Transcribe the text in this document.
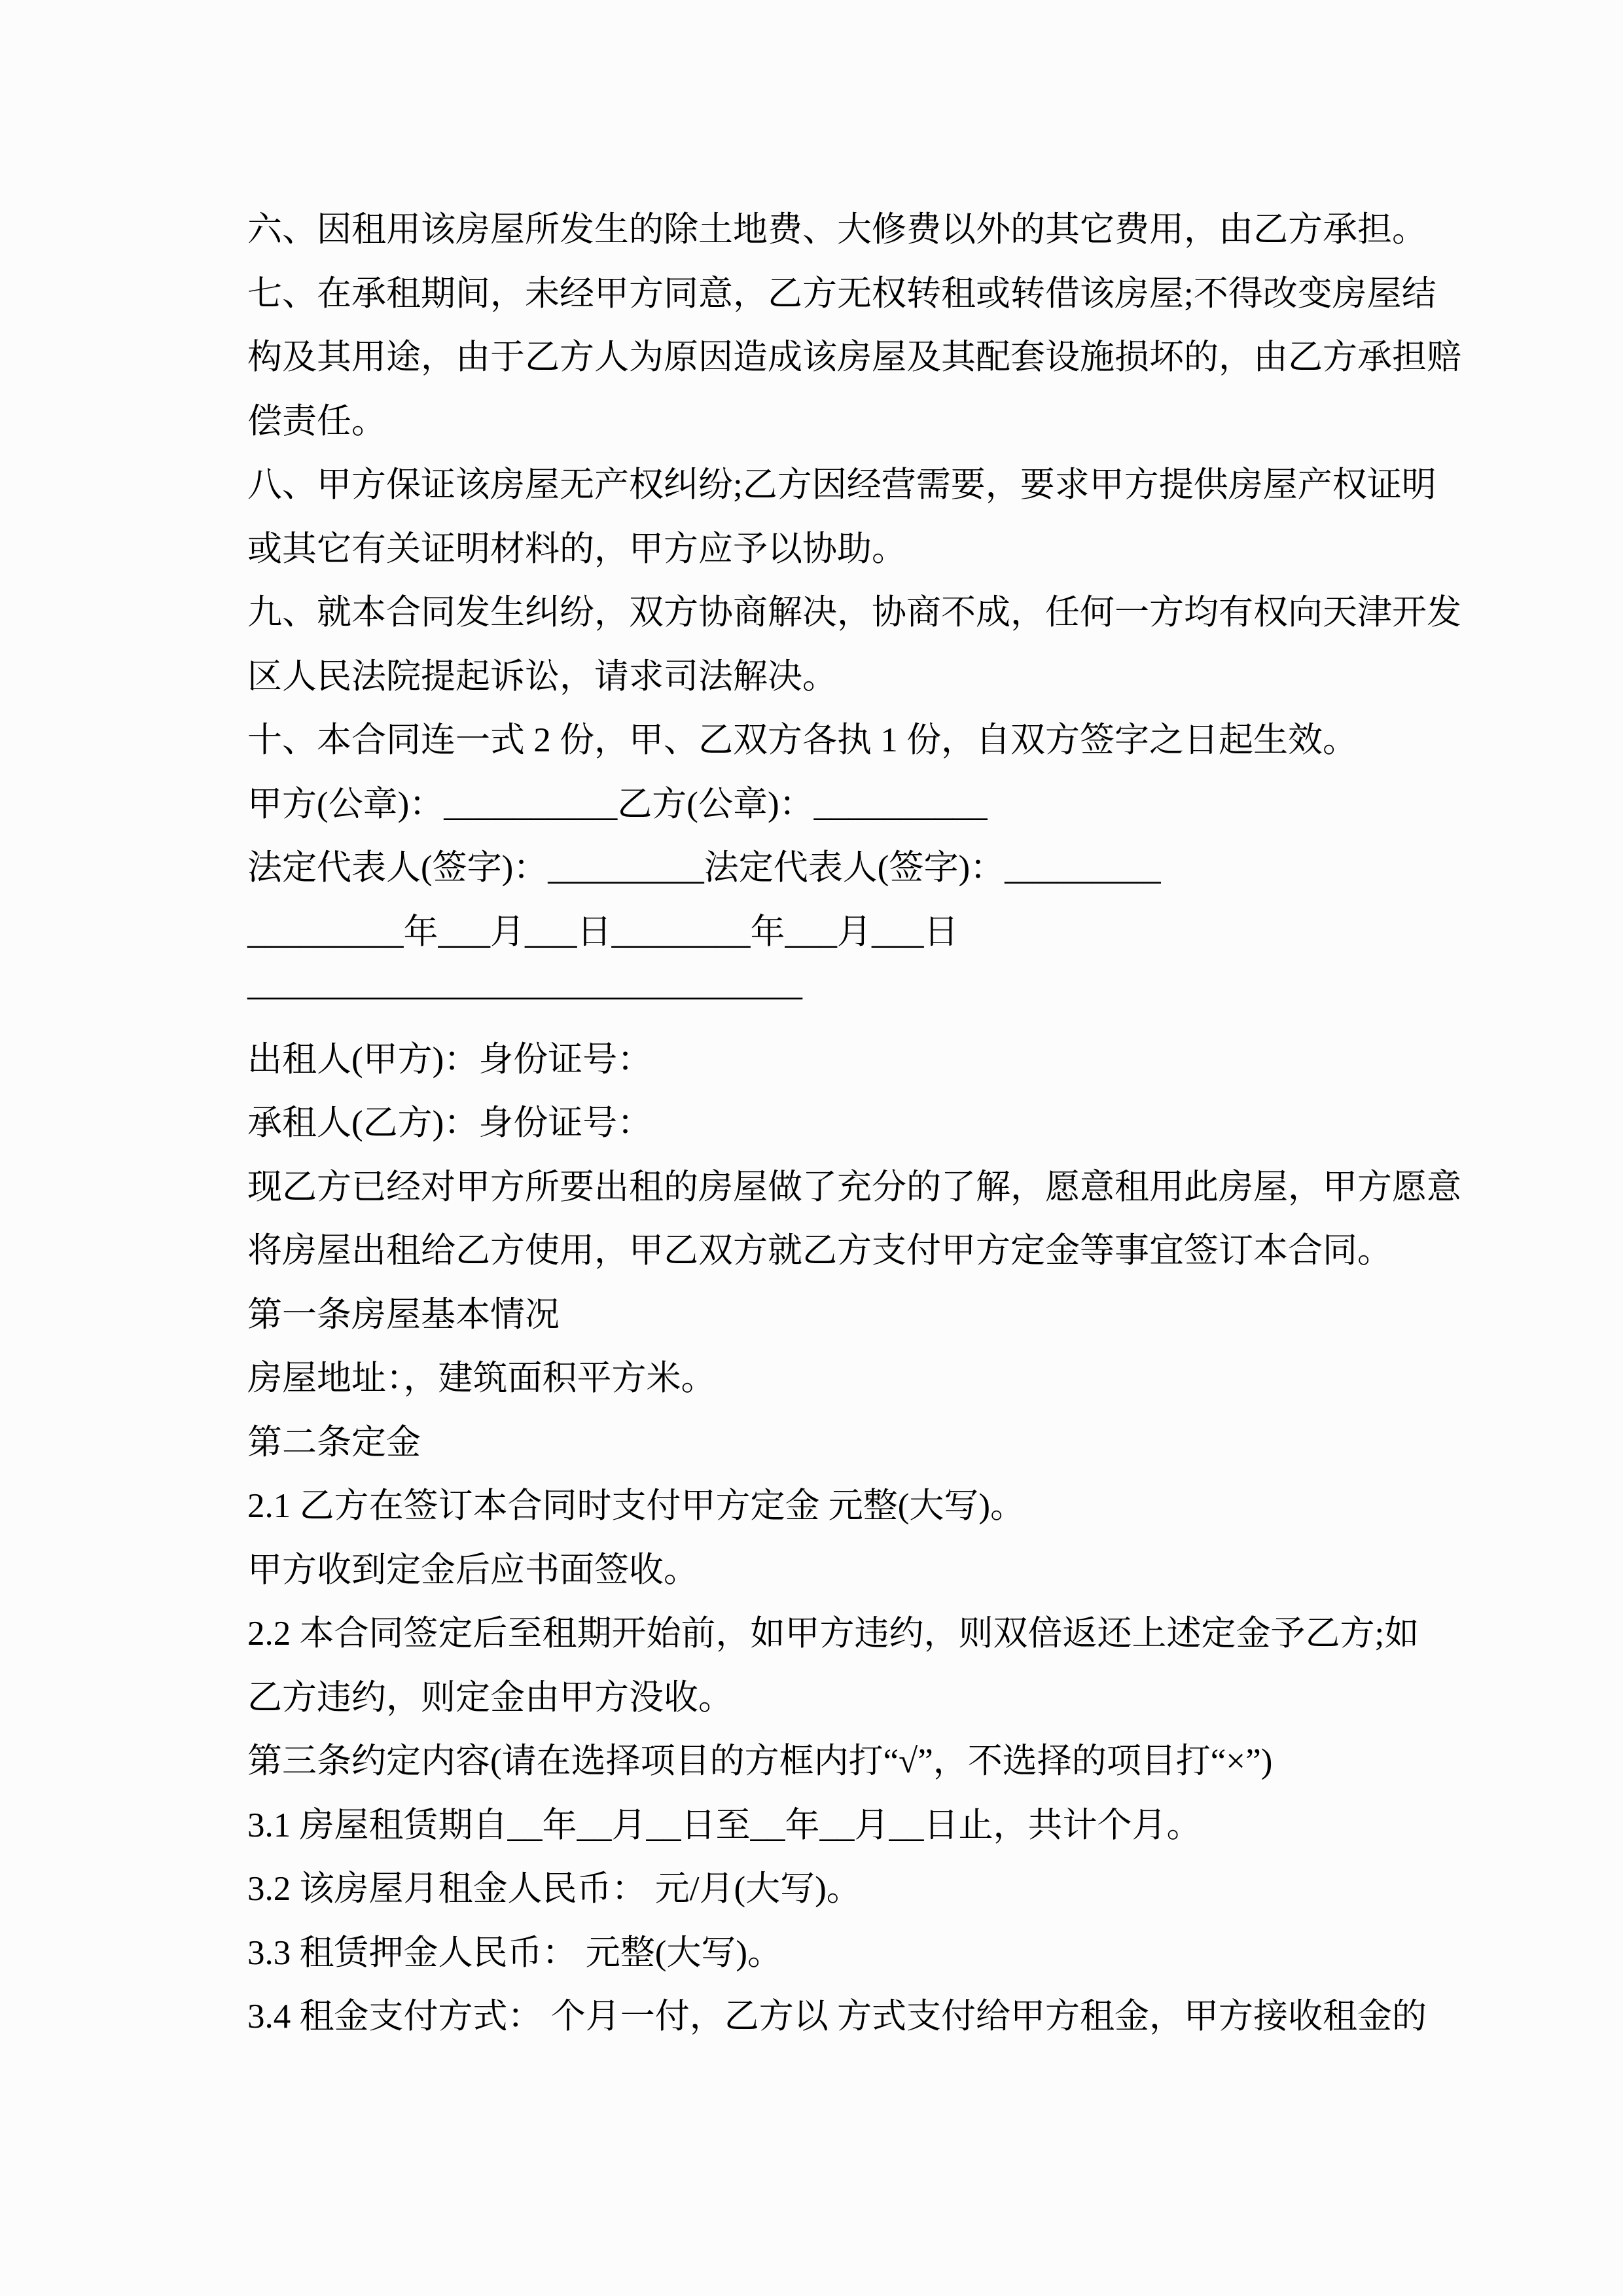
六、因租用该房屋所发生的除土地费、大修费以外的其它费用，由乙方承担。
七、在承租期间，未经甲方同意，乙方无权转租或转借该房屋;不得改变房屋结
构及其用途，由于乙方人为原因造成该房屋及其配套设施损坏的，由乙方承担赔
偿责任。
八、甲方保证该房屋无产权纠纷;乙方因经营需要，要求甲方提供房屋产权证明
或其它有关证明材料的，甲方应予以协助。
九、就本合同发生纠纷，双方协商解决，协商不成，任何一方均有权向天津开发
区人民法院提起诉讼，请求司法解决。
十、本合同连一式 2 份，甲、乙双方各执 1 份，自双方签字之日起生效。
甲方(公章)：__________乙方(公章)：__________
法定代表人(签字)：_________法定代表人(签字)：_________
_________年___月___日________年___月___日
————————————————
出租人(甲方)：身份证号：
承租人(乙方)：身份证号：
现乙方已经对甲方所要出租的房屋做了充分的了解，愿意租用此房屋，甲方愿意
将房屋出租给乙方使用，甲乙双方就乙方支付甲方定金等事宜签订本合同。
第一条房屋基本情况
房屋地址：，建筑面积平方米。
第二条定金
2.1 乙方在签订本合同时支付甲方定金 元整(大写)。
甲方收到定金后应书面签收。
2.2 本合同签定后至租期开始前，如甲方违约，则双倍返还上述定金予乙方;如
乙方违约，则定金由甲方没收。
第三条约定内容(请在选择项目的方框内打“√”，不选择的项目打“×”)
3.1 房屋租赁期自__年__月__日至__年__月__日止，共计个月。
3.2 该房屋月租金人民币： 元/月(大写)。
3.3 租赁押金人民币： 元整(大写)。
3.4 租金支付方式： 个月一付，乙方以 方式支付给甲方租金，甲方接收租金的
